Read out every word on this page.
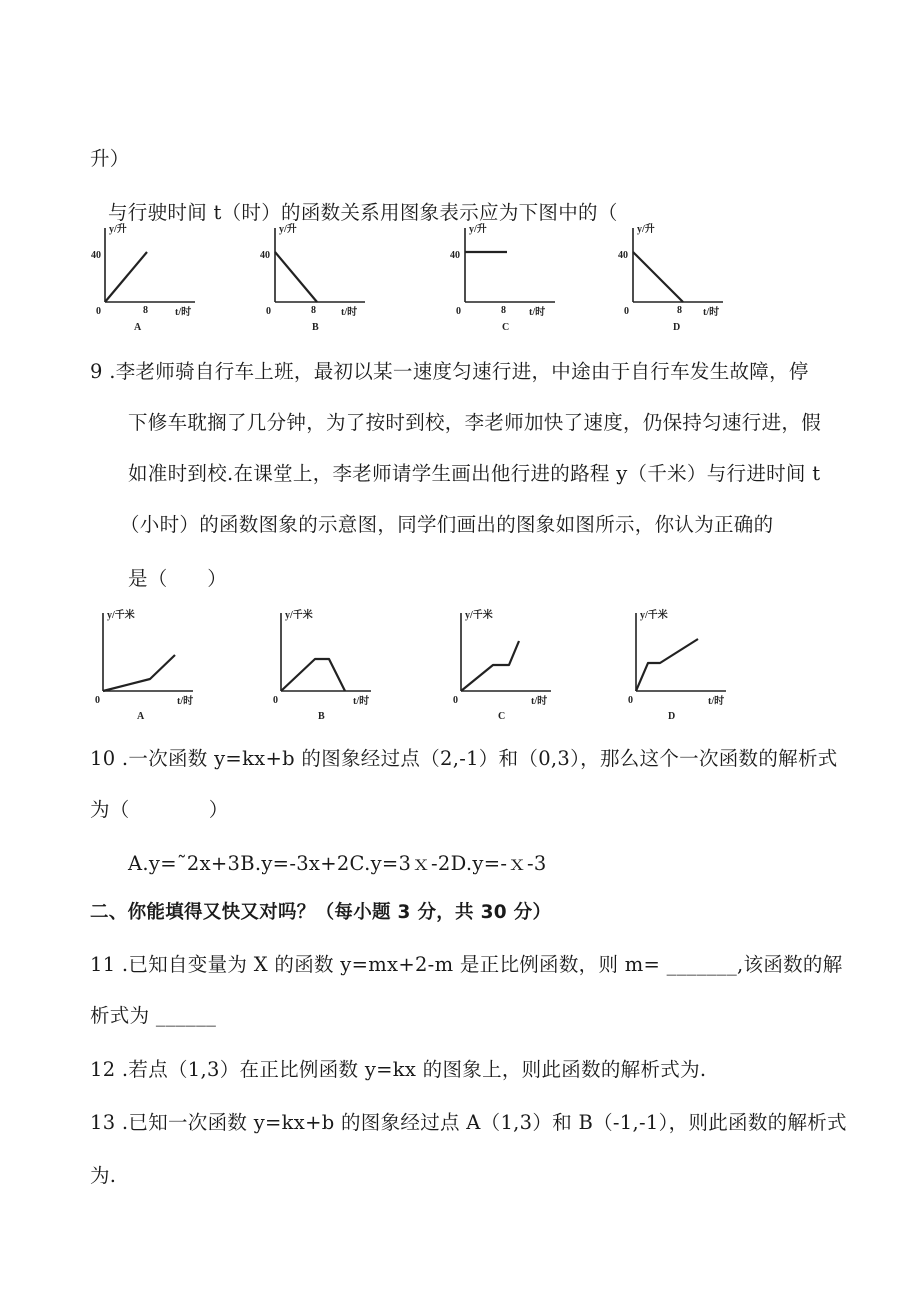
升）
与行驶时间 t（时）的函数关系用图象表示应为下图中的（
y/升
t/时
40
8
0
A
y/升
t/时
40
8
0
B
y/升
t/时
40
8
0
C
y/升
t/时
40
8
0
D
9 .李老师骑自行车上班，最初以某一速度匀速行进，中途由于自行车发生故障，停
下修车耽搁了几分钟，为了按时到校，李老师加快了速度，仍保持匀速行进，假
如准时到校.在课堂上，李老师请学生画出他行进的路程 y（千米）与行进时间 t
（小时）的函数图象的示意图，同学们画出的图象如图所示，你认为正确的
是（　　）
y/千米
t/时
0
A
y/千米
t/时
0
B
y/千米
t/时
0
C
y/千米
t/时
0
D
10 .一次函数 y=kx+b 的图象经过点（2,-1）和（0,3），那么这个一次函数的解析式
为（　　　　）
A.y=˜2x+3B.y=-3x+2C.y=3ｘ-2D.y=-ｘ-3
二、你能填得又快又对吗？（每小题 3 分，共 30 分）
11 .已知自变量为 X 的函数 y=mx+2-m 是正比例函数，则 m= _______,该函数的解
析式为 ______
12 .若点（1,3）在正比例函数 y=kx 的图象上，则此函数的解析式为.
13 .已知一次函数 y=kx+b 的图象经过点 A（1,3）和 B（-1,-1），则此函数的解析式
为.
